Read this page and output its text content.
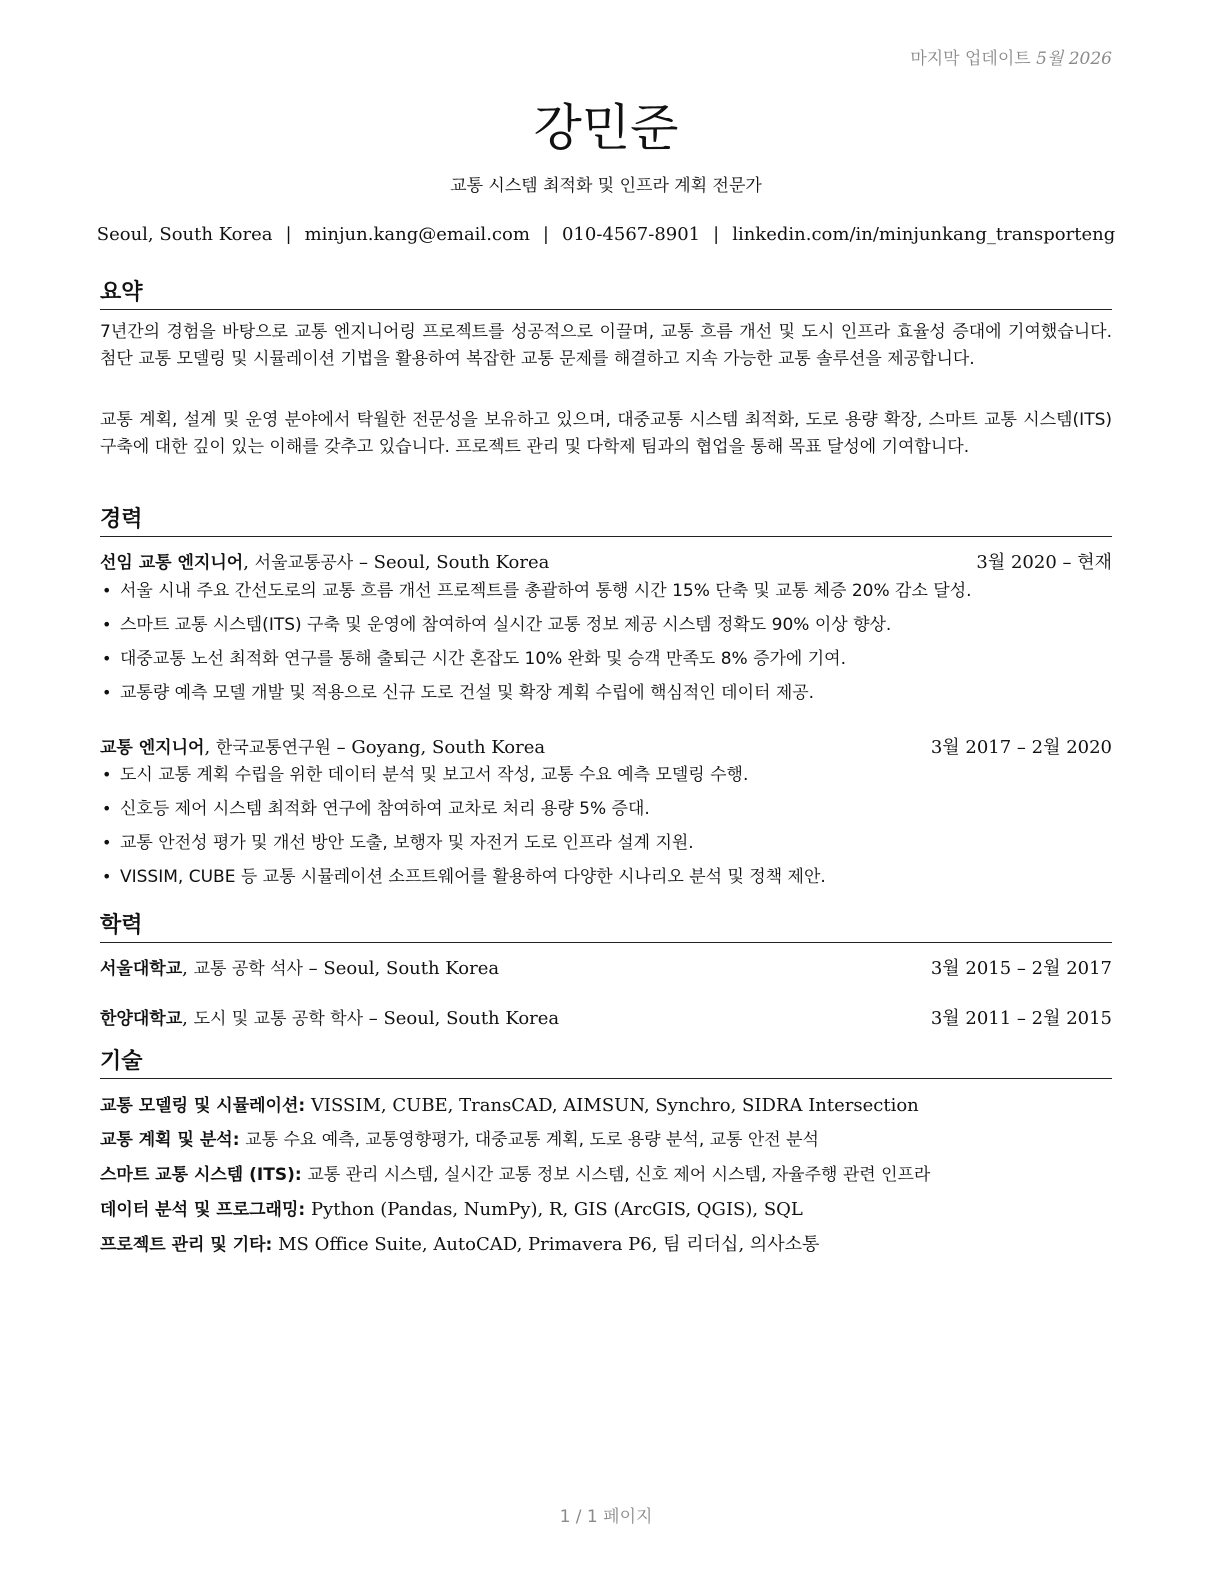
마지막 업데이트 5월 2026
강민준
교통 시스템 최적화 및 인프라 계획 전문가
Seoul, South Korea | minjun.kang@email.com | 010-4567-8901 | linkedin.com/in/minjunkang_transporteng
요약
7년간의 경험을 바탕으로 교통 엔지니어링 프로젝트를 성공적으로 이끌며, 교통 흐름 개선 및 도시 인프라 효율성 증대에 기여했습니다. 첨단 교통 모델링 및 시뮬레이션 기법을 활용하여 복잡한 교통 문제를 해결하고 지속 가능한 교통 솔루션을 제공합니다.
교통 계획, 설계 및 운영 분야에서 탁월한 전문성을 보유하고 있으며, 대중교통 시스템 최적화, 도로 용량 확장, 스마트 교통 시스템(ITS) 구축에 대한 깊이 있는 이해를 갖추고 있습니다. 프로젝트 관리 및 다학제 팀과의 협업을 통해 목표 달성에 기여합니다.
경력
선임 교통 엔지니어, 서울교통공사 – Seoul, South Korea	3월 2020 – 현재
• 서울 시내 주요 간선도로의 교통 흐름 개선 프로젝트를 총괄하여 통행 시간 15% 단축 및 교통 체증 20% 감소 달성.
• 스마트 교통 시스템(ITS) 구축 및 운영에 참여하여 실시간 교통 정보 제공 시스템 정확도 90% 이상 향상.
• 대중교통 노선 최적화 연구를 통해 출퇴근 시간 혼잡도 10% 완화 및 승객 만족도 8% 증가에 기여.
• 교통량 예측 모델 개발 및 적용으로 신규 도로 건설 및 확장 계획 수립에 핵심적인 데이터 제공.
교통 엔지니어, 한국교통연구원 – Goyang, South Korea	3월 2017 – 2월 2020
• 도시 교통 계획 수립을 위한 데이터 분석 및 보고서 작성, 교통 수요 예측 모델링 수행.
• 신호등 제어 시스템 최적화 연구에 참여하여 교차로 처리 용량 5% 증대.
• 교통 안전성 평가 및 개선 방안 도출, 보행자 및 자전거 도로 인프라 설계 지원.
• VISSIM, CUBE 등 교통 시뮬레이션 소프트웨어를 활용하여 다양한 시나리오 분석 및 정책 제안.
학력
서울대학교, 교통 공학 석사 – Seoul, South Korea	3월 2015 – 2월 2017
한양대학교, 도시 및 교통 공학 학사 – Seoul, South Korea	3월 2011 – 2월 2015
기술
교통 모델링 및 시뮬레이션: VISSIM, CUBE, TransCAD, AIMSUN, Synchro, SIDRA Intersection
교통 계획 및 분석: 교통 수요 예측, 교통영향평가, 대중교통 계획, 도로 용량 분석, 교통 안전 분석
스마트 교통 시스템 (ITS): 교통 관리 시스템, 실시간 교통 정보 시스템, 신호 제어 시스템, 자율주행 관련 인프라
데이터 분석 및 프로그래밍: Python (Pandas, NumPy), R, GIS (ArcGIS, QGIS), SQL
프로젝트 관리 및 기타: MS Office Suite, AutoCAD, Primavera P6, 팀 리더십, 의사소통
1 / 1 페이지
